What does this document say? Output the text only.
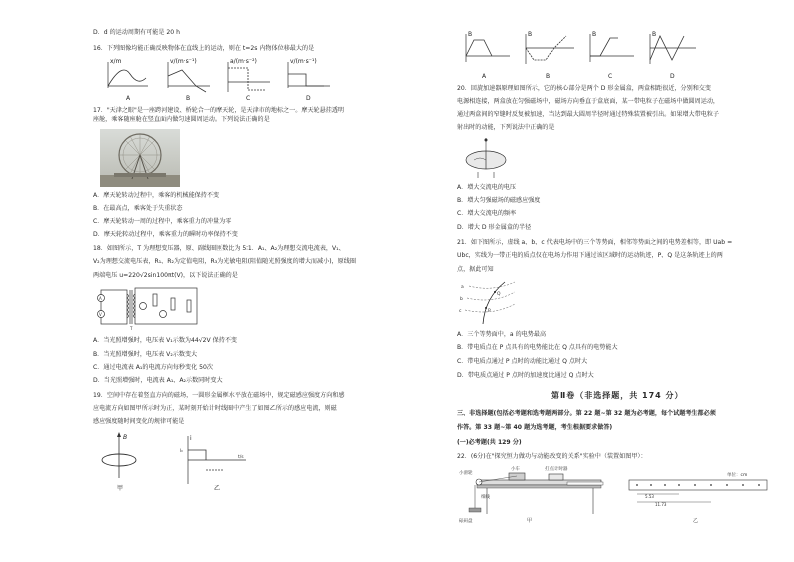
D．d 的运动周期有可能是 20 h
16．下列图像均能正确反映物体在直线上的运动，则在 t=2s 内物体位移最大的是
x/m
A
v/(m·s⁻¹)
B
a/(m·s⁻²)
C
v/(m·s⁻¹)
D
17．"天津之眼"是一座跨河建设、桥轮合一的摩天轮，是天津市的地标之一。摩天轮悬挂透明
座舱，乘客随座舱在竖直面内做匀速圆周运动。下列说法正确的是
A．摩天轮转动过程中，乘客的机械能保持不变
B．在最高点，乘客处于失重状态
C．摩天轮转动一周的过程中，乘客重力的冲量为零
D．摩天轮转动过程中，乘客重力的瞬时功率保持不变
18．如图所示，T 为理想变压器，原、副线圈匝数比为 5∶1．A₁、A₂为理想交流电流表，V₁、
V₂为理想交流电压表，R₁、R₂为定值电阻，R₃为光敏电阻(阻值随光照强度的增大而减小)，原线圈
两端电压 u=220√2sin100πt(V)，以下说法正确的是
A
V
T
A．当光照增强时，电压表 V₁示数为44√2V 保持不变
B．当光照增强时，电压表 V₂示数变大
C．通过电流表 A₁的电流方向每秒变化 50次
D．当光照增强时，电流表 A₁、A₂示数同时变大
19．空间中存在着竖直方向的磁场，一圆形金属框水平放在磁场中，规定磁感应强度方向和感
应电流方向如图甲所示时为正，某时刻开始计时线圈中产生了如图乙所示的感应电流，则磁
感应强度随时间变化的规律可能是
B
甲
i
I₀
t/s
乙
B
A
B
B
B
C
B
D
20．回旋加速器原理如图所示，它的核心部分是两个 D 形金属盒，两盒相距很近，分别和交变
电源相连接，两盒放在匀强磁场中，磁场方向垂直于盒底面，某一带电粒子在磁场中做圆周运动，
通过两盒间的窄缝时反复被加速，当达到最大圆周半径时通过特殊装置被引出。如果增大带电粒子
射出时的动能，下列说法中正确的是
A．增大交流电的电压
B．增大匀强磁场的磁感应强度
C．增大交流电的频率
D．增大 D 形金属盒的半径
21．如下图所示，虚线 a、b、c 代表电场中的三个等势面，相邻等势面之间的电势差相等，即 Uab =
Ubc，实线为一带正电的质点仅在电场力作用下通过该区域时的运动轨迹，P、Q 是这条轨迹上的两
点，据此可知
a
b
c	P
Q
A．三个等势面中，a 的电势最高
B．带电质点在 P 点具有的电势能比在 Q 点具有的电势能大
C．带电质点通过 P 点时的动能比通过 Q 点时大
D．带电质点通过 P 点时的加速度比通过 Q 点时大
第Ⅱ卷（非选择题，共 174 分）
三、非选择题(包括必考题和选考题两部分。第 22 题~第 32 题为必考题，每个试题考生都必须
作答。第 33 题~第 40 题为选考题，考生根据要求做答)
(一)必考题(共 129 分)
22．(6分)在"探究恒力做功与动能改变的关系"实验中（装置如图甲）：
小滑轮
小车	打点计时器
细线
砝码盘	甲
5.53
11.73
单位：cm
乙
